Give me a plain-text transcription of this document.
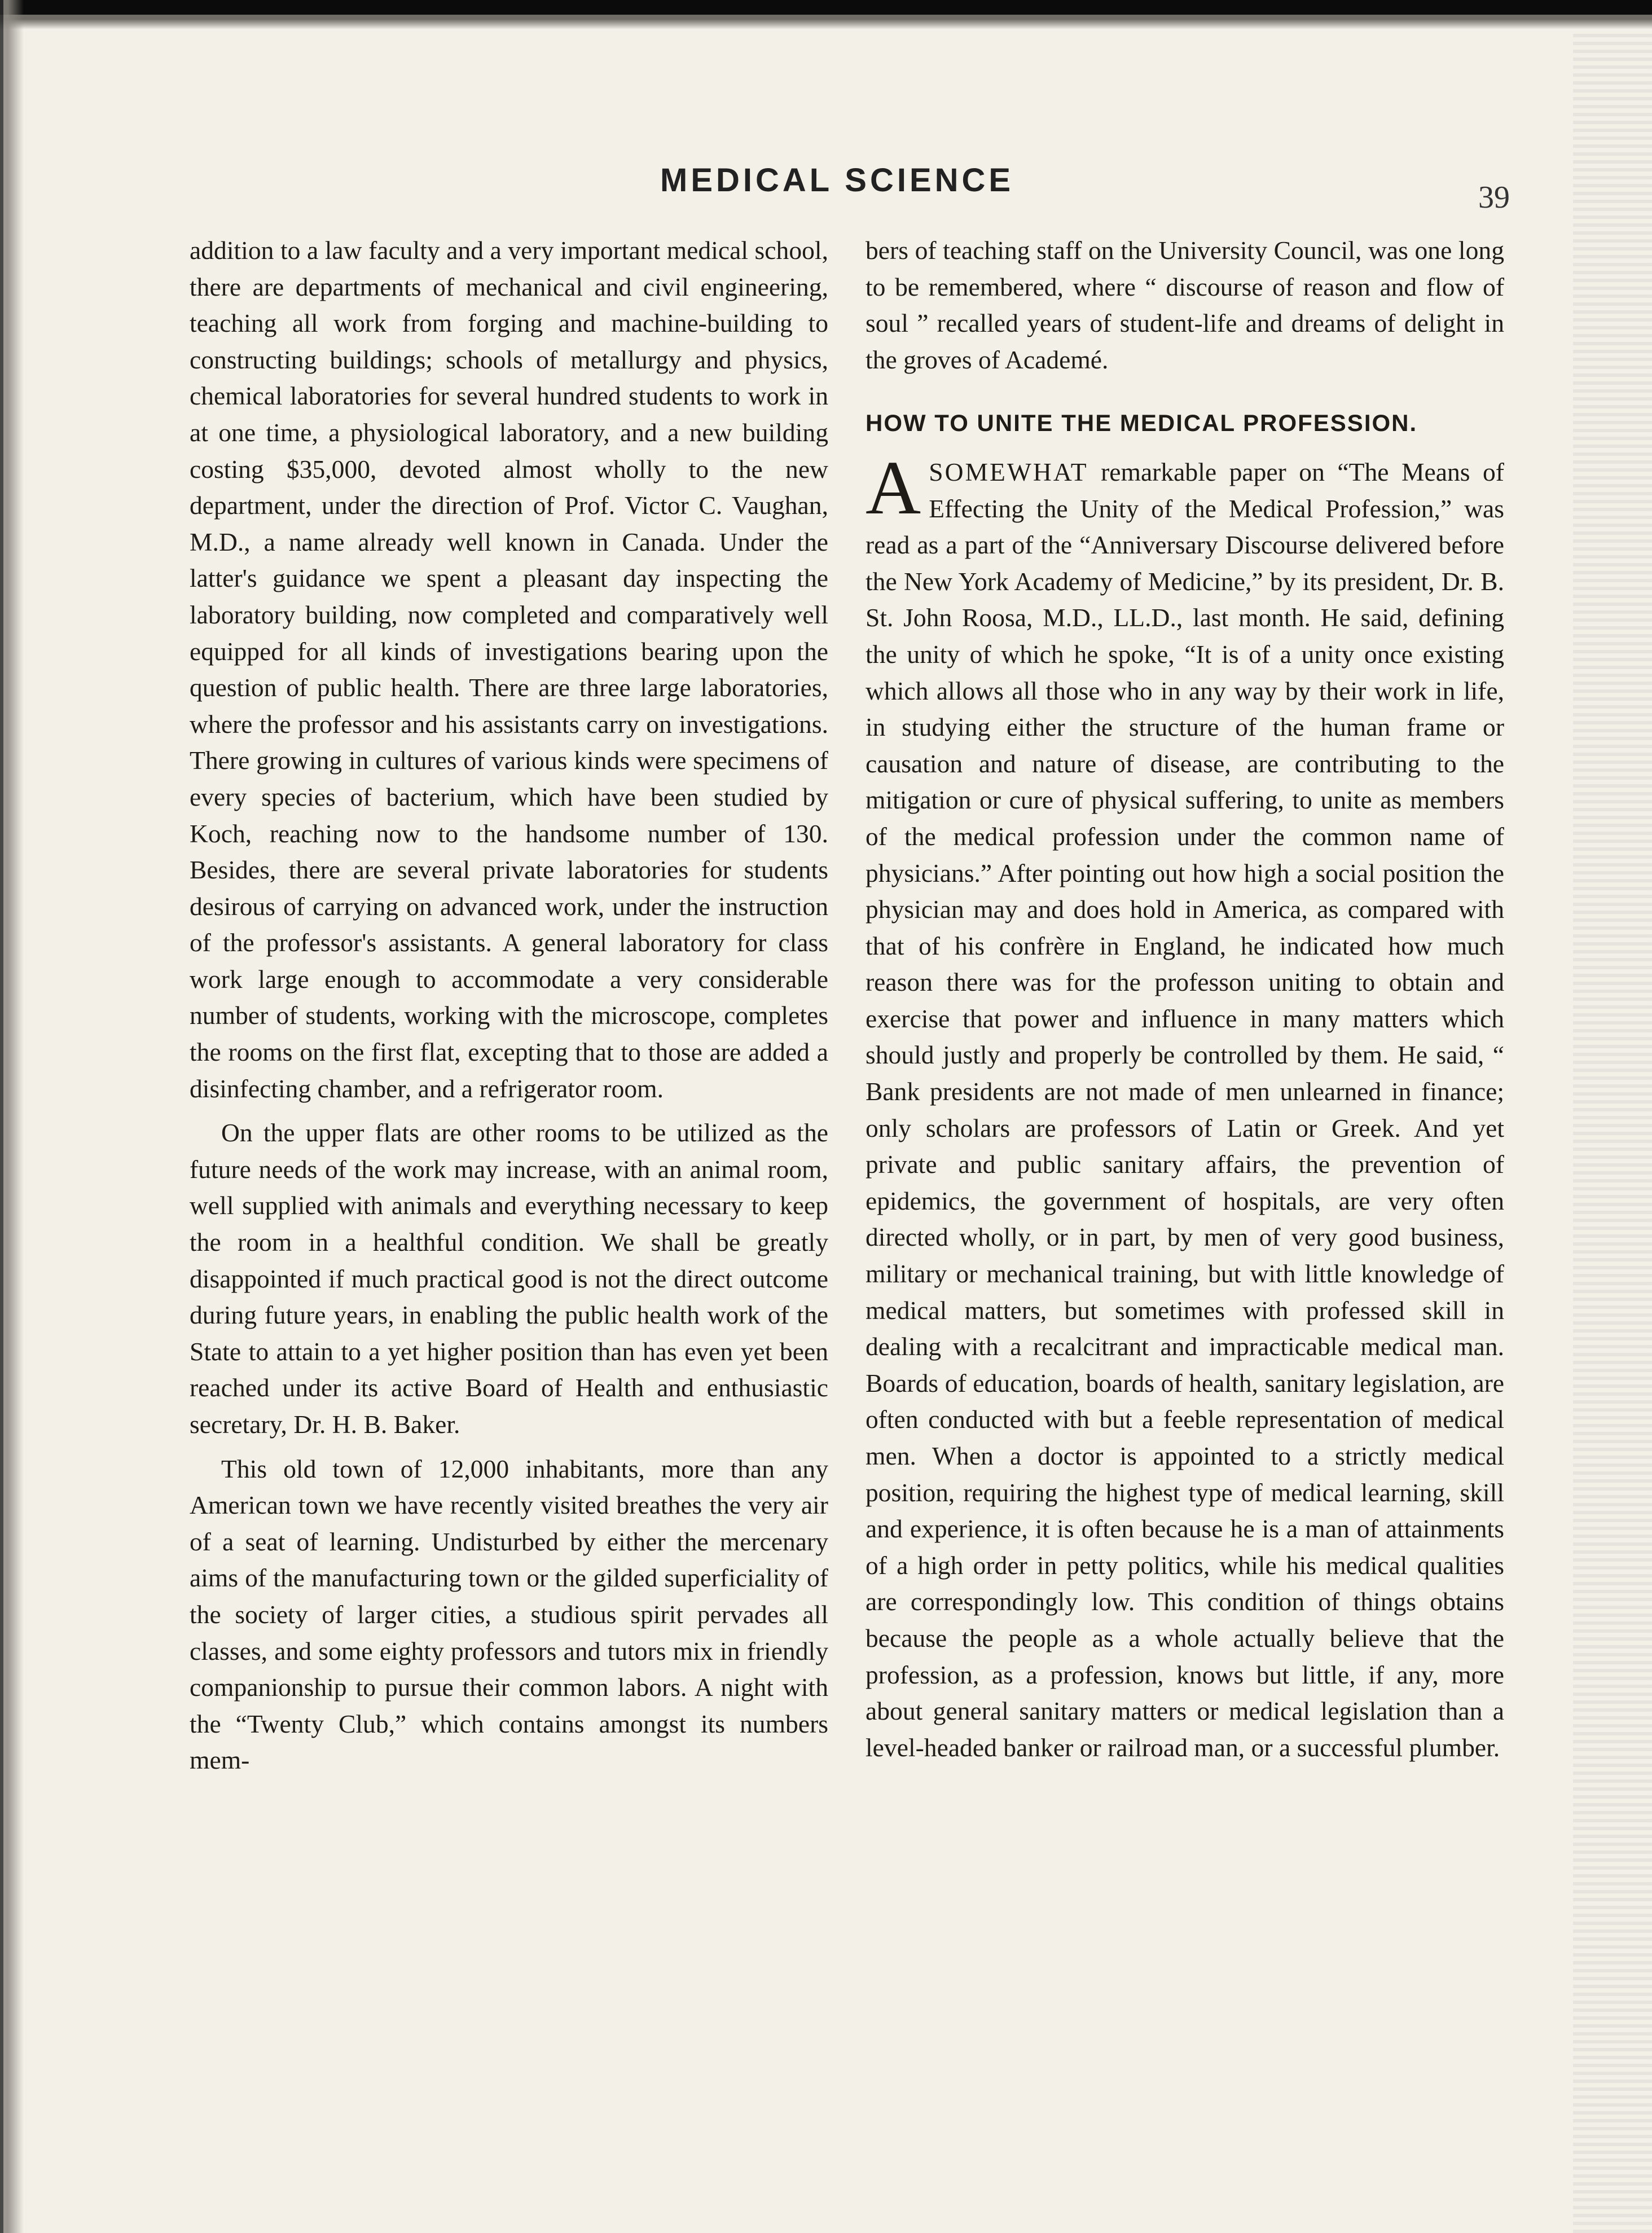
MEDICAL SCIENCE	39

addition to a law faculty and a very important medical school, there are departments of mechanical and civil engineering, teaching all work from forging and machine-building to constructing buildings; schools of metallurgy and physics, chemical laboratories for several hundred students to work in at one time, a physiological laboratory, and a new building costing $35,000, devoted almost wholly to the new department, under the direction of Prof. Victor C. Vaughan, M.D., a name already well known in Canada. Under the latter's guidance we spent a pleasant day inspecting the laboratory building, now completed and comparatively well equipped for all kinds of investigations bearing upon the question of public health. There are three large laboratories, where the professor and his assistants carry on investigations. There growing in cultures of various kinds were specimens of every species of bacterium, which have been studied by Koch, reaching now to the handsome number of 130. Besides, there are several private laboratories for students desirous of carrying on advanced work, under the instruction of the professor's assistants. A general laboratory for class work large enough to accommodate a very considerable number of students, working with the microscope, completes the rooms on the first flat, excepting that to those are added a disinfecting chamber, and a refrigerator room.

On the upper flats are other rooms to be utilized as the future needs of the work may increase, with an animal room, well supplied with animals and everything necessary to keep the room in a healthful condition. We shall be greatly disappointed if much practical good is not the direct outcome during future years, in enabling the public health work of the State to attain to a yet higher position than has even yet been reached under its active Board of Health and enthusiastic secretary, Dr. H. B. Baker.

This old town of 12,000 inhabitants, more than any American town we have recently visited breathes the very air of a seat of learning. Undisturbed by either the mercenary aims of the manufacturing town or the gilded superficiality of the society of larger cities, a studious spirit pervades all classes, and some eighty professors and tutors mix in friendly companionship to pursue their common labors. A night with the “Twenty Club,” which contains amongst its numbers mem-

bers of teaching staff on the University Council, was one long to be remembered, where “ discourse of reason and flow of soul ” recalled years of student-life and dreams of delight in the groves of Academé.

HOW TO UNITE THE MEDICAL PROFESSION.

ASOMEWHAT remarkable paper on “The Means of Effecting the Unity of the Medical Profession,” was read as a part of the “Anniversary Discourse delivered before the New York Academy of Medicine,” by its president, Dr. B. St. John Roosa, M.D., LL.D., last month. He said, defining the unity of which he spoke, “It is of a unity once existing which allows all those who in any way by their work in life, in studying either the structure of the human frame or causation and nature of disease, are contributing to the mitigation or cure of physical suffering, to unite as members of the medical profession under the common name of physicians.” After pointing out how high a social position the physician may and does hold in America, as compared with that of his confrère in England, he indicated how much reason there was for the professon uniting to obtain and exercise that power and influence in many matters which should justly and properly be controlled by them. He said, “ Bank presidents are not made of men unlearned in finance; only scholars are professors of Latin or Greek. And yet private and public sanitary affairs, the prevention of epidemics, the government of hospitals, are very often directed wholly, or in part, by men of very good business, military or mechanical training, but with little knowledge of medical matters, but sometimes with professed skill in dealing with a recalcitrant and impracticable medical man. Boards of education, boards of health, sanitary legislation, are often conducted with but a feeble representation of medical men. When a doctor is appointed to a strictly medical position, requiring the highest type of medical learning, skill and experience, it is often because he is a man of attainments of a high order in petty politics, while his medical qualities are correspondingly low. This condition of things obtains because the people as a whole actually believe that the profession, as a profession, knows but little, if any, more about general sanitary matters or medical legislation than a level-headed banker or railroad man, or a successful plumber.
